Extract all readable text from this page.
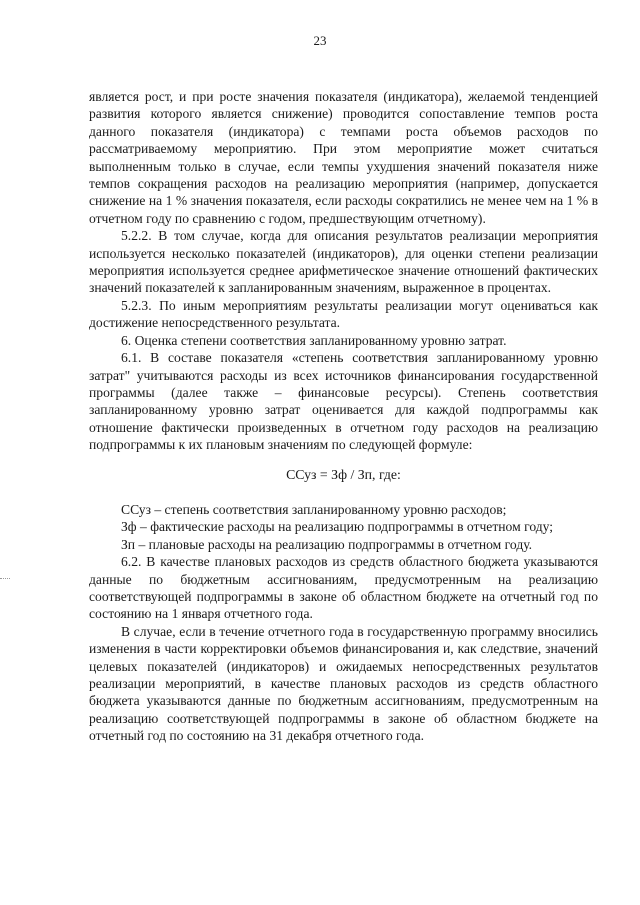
23

является рост, и при росте значения показателя (индикатора), желаемой тенденцией развития которого является снижение) проводится сопоставление темпов роста данного показателя (индикатора) с темпами роста объемов расходов по рассматриваемому мероприятию. При этом мероприятие может считаться выполненным только в случае, если темпы ухудшения значений показателя ниже темпов сокращения расходов на реализацию мероприятия (например, допускается снижение на 1 % значения показателя, если расходы сократились не менее чем на 1 % в отчетном году по сравнению с годом, предшествующим отчетному).

5.2.2. В том случае, когда для описания результатов реализации мероприятия используется несколько показателей (индикаторов), для оценки степени реализации мероприятия используется среднее арифметическое значение отношений фактических значений показателей к запланированным значениям, выраженное в процентах.

5.2.3. По иным мероприятиям результаты реализации могут оцениваться как достижение непосредственного результата.

6. Оценка степени соответствия запланированному уровню затрат.

6.1. В составе показателя «степень соответствия запланированному уровню затрат" учитываются расходы из всех источников финансирования государственной программы (далее также – финансовые ресурсы). Степень соответствия запланированному уровню затрат оценивается для каждой подпрограммы как отношение фактически произведенных в отчетном году расходов на реализацию подпрограммы к их плановым значениям по следующей формуле:

ССуз = Зф / Зп, где:

ССуз – степень соответствия запланированному уровню расходов;

Зф – фактические расходы на реализацию подпрограммы в отчетном году;

Зп – плановые расходы на реализацию подпрограммы в отчетном году.

6.2. В качестве плановых расходов из средств областного бюджета указываются данные по бюджетным ассигнованиям, предусмотренным на реализацию соответствующей подпрограммы в законе об областном бюджете на отчетный год по состоянию на 1 января отчетного года.

В случае, если в течение отчетного года в государственную программу вносились изменения в части корректировки объемов финансирования и, как следствие, значений целевых показателей (индикаторов) и ожидаемых непосредственных результатов реализации мероприятий, в качестве плановых расходов из средств областного бюджета указываются данные по бюджетным ассигнованиям, предусмотренным на реализацию соответствующей подпрограммы в законе об областном бюджете на отчетный год по состоянию на 31 декабря отчетного года.
